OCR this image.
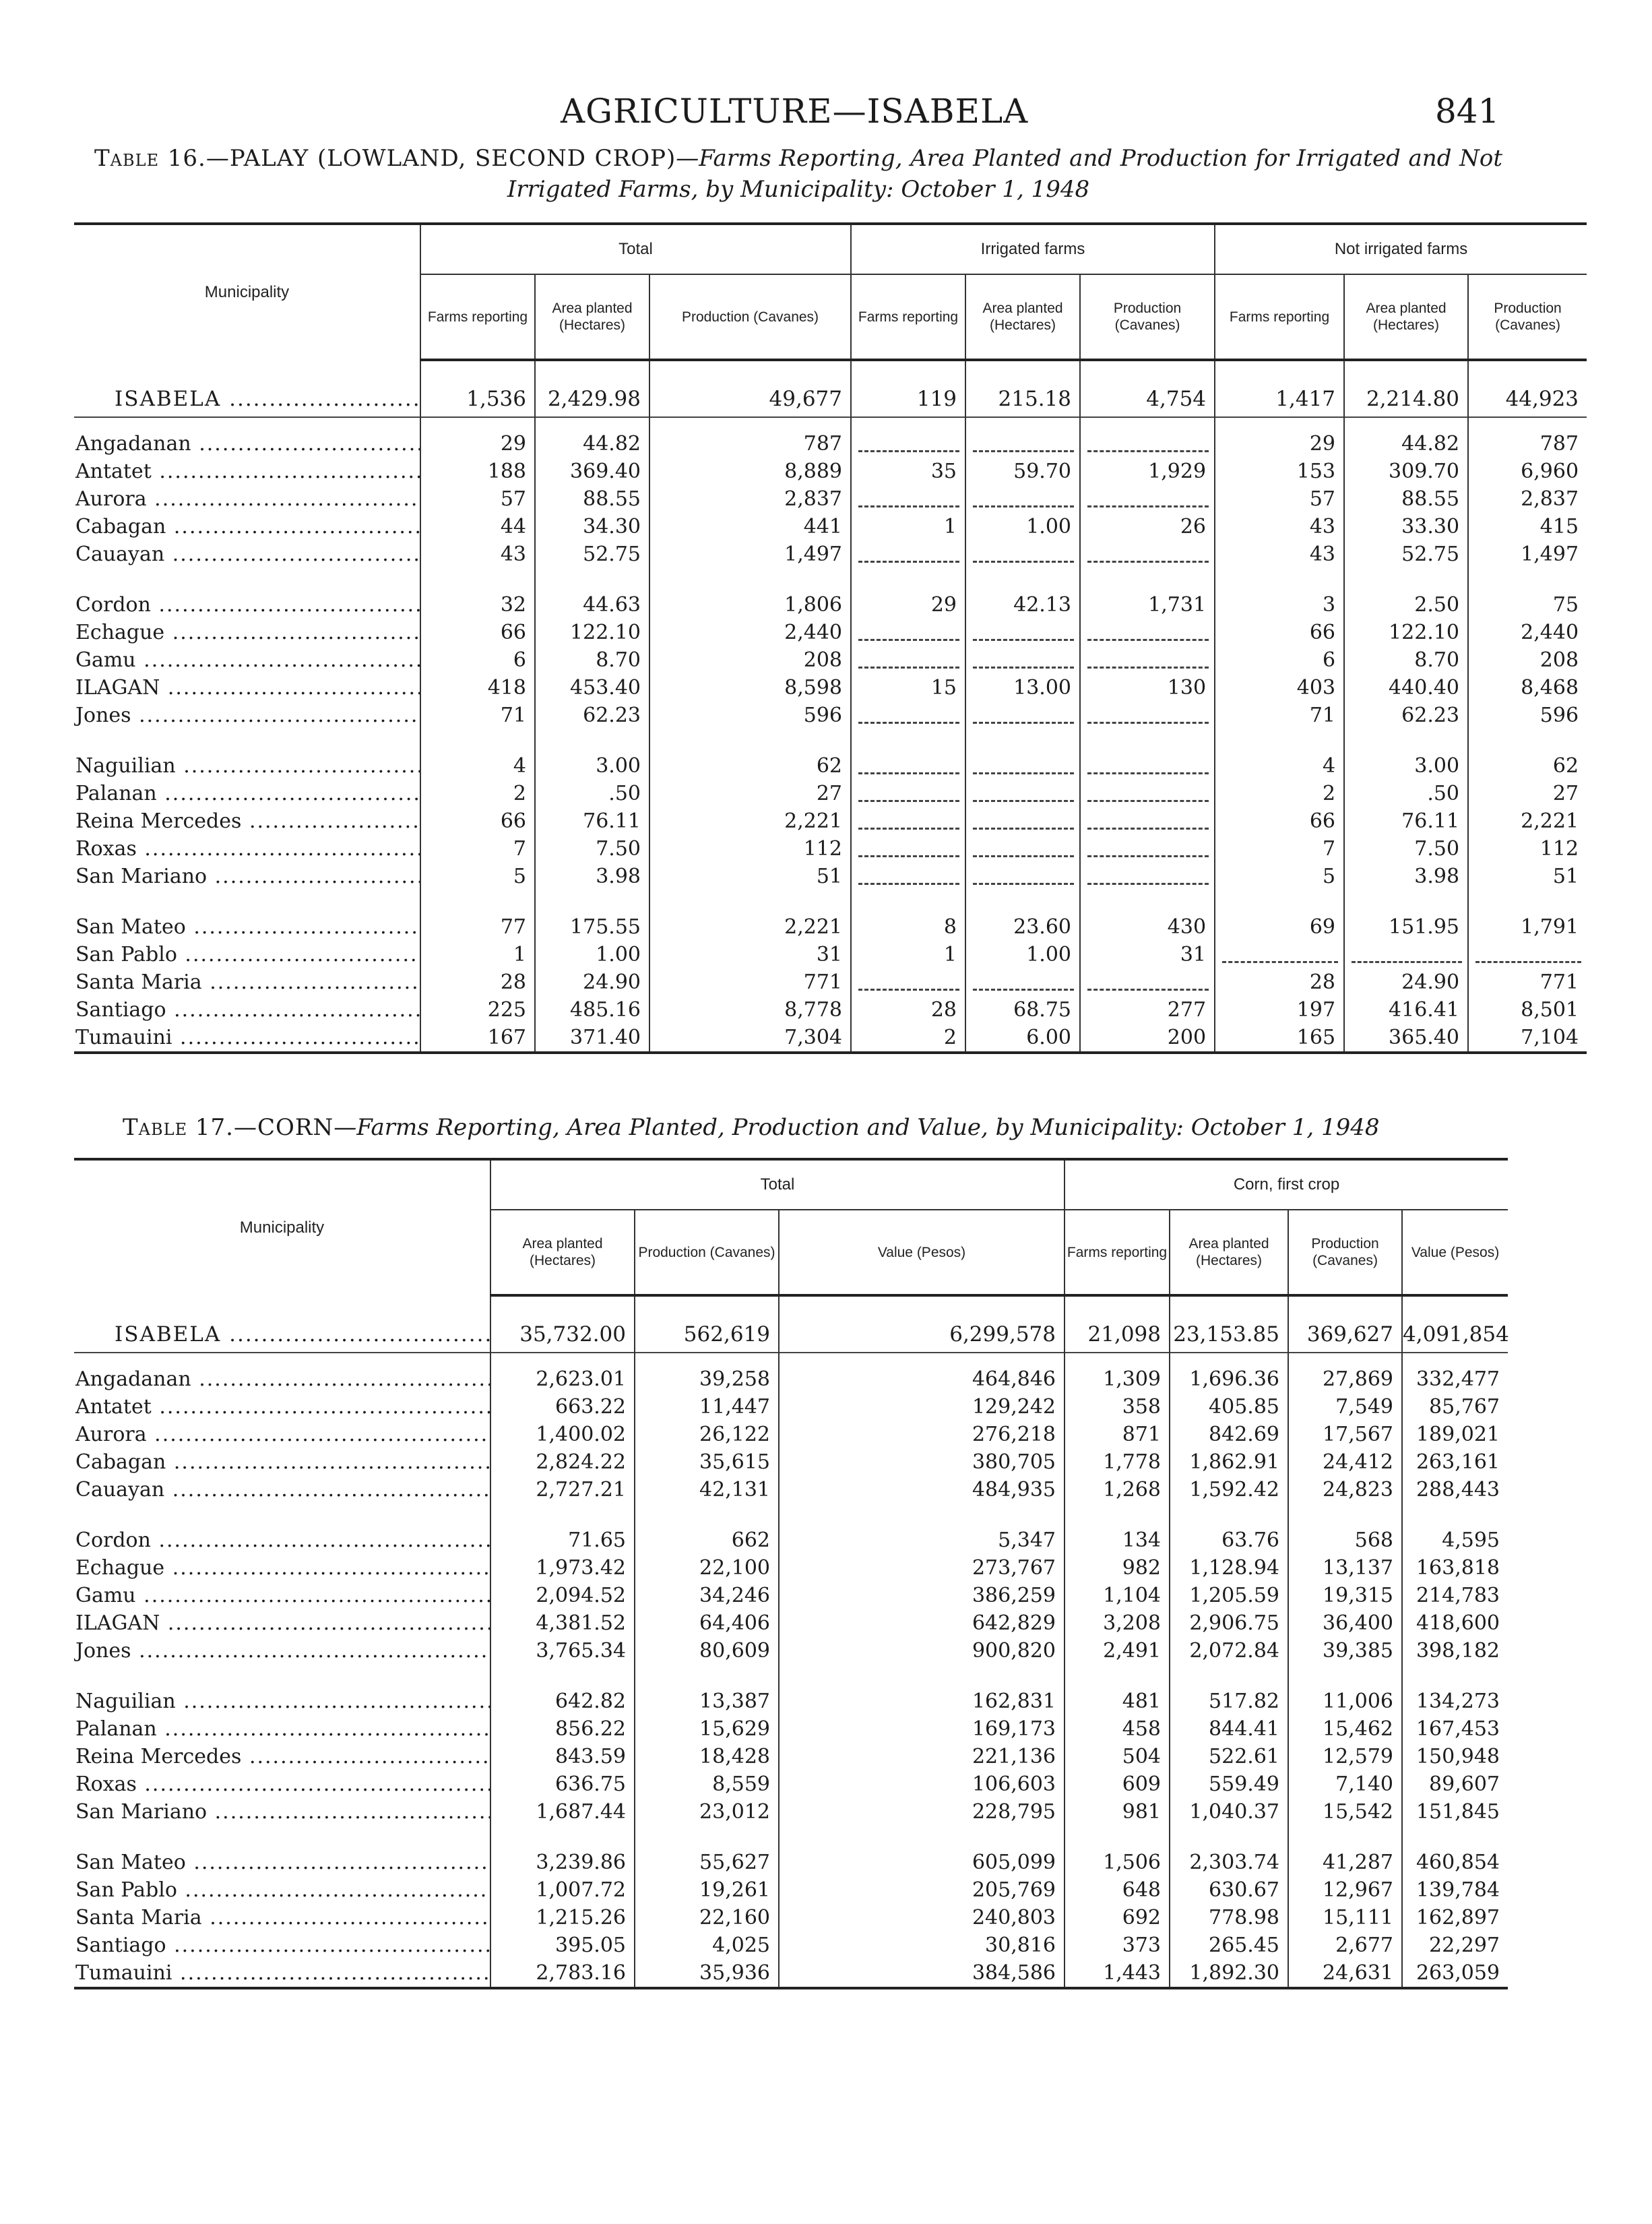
AGRICULTURE—ISABELA	841
Table 16.—PALAY (LOWLAND, SECOND CROP)—Farms Reporting, Area Planted and Production for Irrigated and Not Irrigated Farms, by Municipality: October 1, 1948
Municipality	Total			Irrigated farms			Not irrigated farms		
	Farms reporting	Area planted (Hectares)	Production (Cavanes)	Farms reporting	Area planted (Hectares)	Production (Cavanes)	Farms reporting	Area planted (Hectares)	Production (Cavanes)

ISABELA .....	1,536	2,429.98	49,677	119	215.18	4,754	1,417	2,214.80	44,923

Angadanan .....	29	44.82	787				29	44.82	787
Antatet .....	188	369.40	8,889	35	59.70	1,929	153	309.70	6,960
Aurora .....	57	88.55	2,837				57	88.55	2,837
Cabagan .....	44	34.30	441	1	1.00	26	43	33.30	415
Cauayan .....	43	52.75	1,497				43	52.75	1,497

Cordon .....	32	44.63	1,806	29	42.13	1,731	3	2.50	75
Echague .....	66	122.10	2,440				66	122.10	2,440
Gamu .....	6	8.70	208				6	8.70	208
ILAGAN .....	418	453.40	8,598	15	13.00	130	403	440.40	8,468
Jones .....	71	62.23	596				71	62.23	596

Naguilian .....	4	3.00	62				4	3.00	62
Palanan .....	2	.50	27				2	.50	27
Reina Mercedes .....	66	76.11	2,221				66	76.11	2,221
Roxas .....	7	7.50	112				7	7.50	112
San Mariano .....	5	3.98	51				5	3.98	51

San Mateo .....	77	175.55	2,221	8	23.60	430	69	151.95	1,791
San Pablo .....	1	1.00	31	1	1.00	31			
Santa Maria .....	28	24.90	771				28	24.90	771
Santiago .....	225	485.16	8,778	28	68.75	277	197	416.41	8,501
Tumauini .....	167	371.40	7,304	2	6.00	200	165	365.40	7,104
Table 17.—CORN—Farms Reporting, Area Planted, Production and Value, by Municipality: October 1, 1948
Municipality	Total			Corn, first crop			
	Area planted (Hectares)	Production (Cavanes)	Value (Pesos)	Farms reporting	Area planted (Hectares)	Production (Cavanes)	Value (Pesos)

ISABELA .....	35,732.00	562,619	6,299,578	21,098	23,153.85	369,627	4,091,854

Angadanan .....	2,623.01	39,258	464,846	1,309	1,696.36	27,869	332,477
Antatet .....	663.22	11,447	129,242	358	405.85	7,549	85,767
Aurora .....	1,400.02	26,122	276,218	871	842.69	17,567	189,021
Cabagan .....	2,824.22	35,615	380,705	1,778	1,862.91	24,412	263,161
Cauayan .....	2,727.21	42,131	484,935	1,268	1,592.42	24,823	288,443

Cordon .....	71.65	662	5,347	134	63.76	568	4,595
Echague .....	1,973.42	22,100	273,767	982	1,128.94	13,137	163,818
Gamu .....	2,094.52	34,246	386,259	1,104	1,205.59	19,315	214,783
ILAGAN .....	4,381.52	64,406	642,829	3,208	2,906.75	36,400	418,600
Jones .....	3,765.34	80,609	900,820	2,491	2,072.84	39,385	398,182

Naguilian .....	642.82	13,387	162,831	481	517.82	11,006	134,273
Palanan .....	856.22	15,629	169,173	458	844.41	15,462	167,453
Reina Mercedes .....	843.59	18,428	221,136	504	522.61	12,579	150,948
Roxas .....	636.75	8,559	106,603	609	559.49	7,140	89,607
San Mariano .....	1,687.44	23,012	228,795	981	1,040.37	15,542	151,845

San Mateo .....	3,239.86	55,627	605,099	1,506	2,303.74	41,287	460,854
San Pablo .....	1,007.72	19,261	205,769	648	630.67	12,967	139,784
Santa Maria .....	1,215.26	22,160	240,803	692	778.98	15,111	162,897
Santiago .....	395.05	4,025	30,816	373	265.45	2,677	22,297
Tumauini .....	2,783.16	35,936	384,586	1,443	1,892.30	24,631	263,059
